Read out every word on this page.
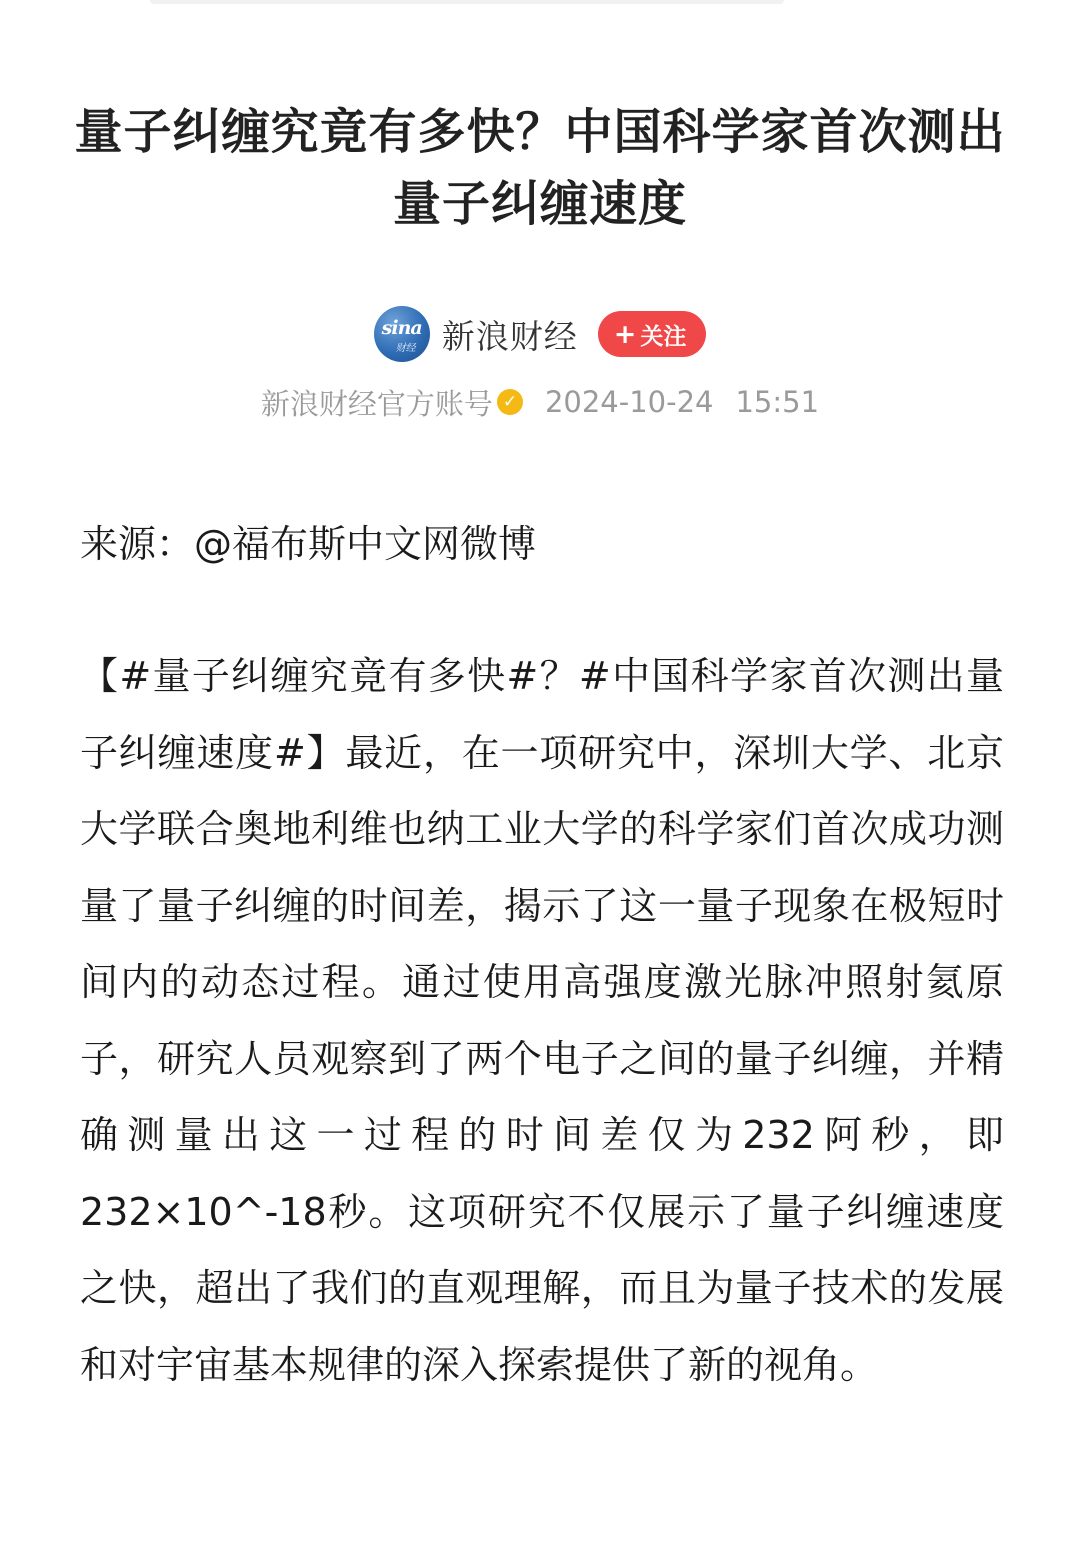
量子纠缠究竟有多快？中国科学家首次测出量子纠缠速度
sina
财经 新浪财经 + 关注
新浪财经官方账号 ✓ 2024-10-24 15:51

来源：@福布斯中文网微博

【#量子纠缠究竟有多快#？#中国科学家首次测出量子纠缠速度#】最近，在一项研究中，深圳大学、北京大学联合奥地利维也纳工业大学的科学家们首次成功测量了量子纠缠的时间差，揭示了这一量子现象在极短时间内的动态过程。通过使用高强度激光脉冲照射氦原子，研究人员观察到了两个电子之间的量子纠缠，并精确测量出这一过程的时间差仅为232阿秒，即232×10^-18秒。这项研究不仅展示了量子纠缠速度之快，超出了我们的直观理解，而且为量子技术的发展和对宇宙基本规律的深入探索提供了新的视角。
